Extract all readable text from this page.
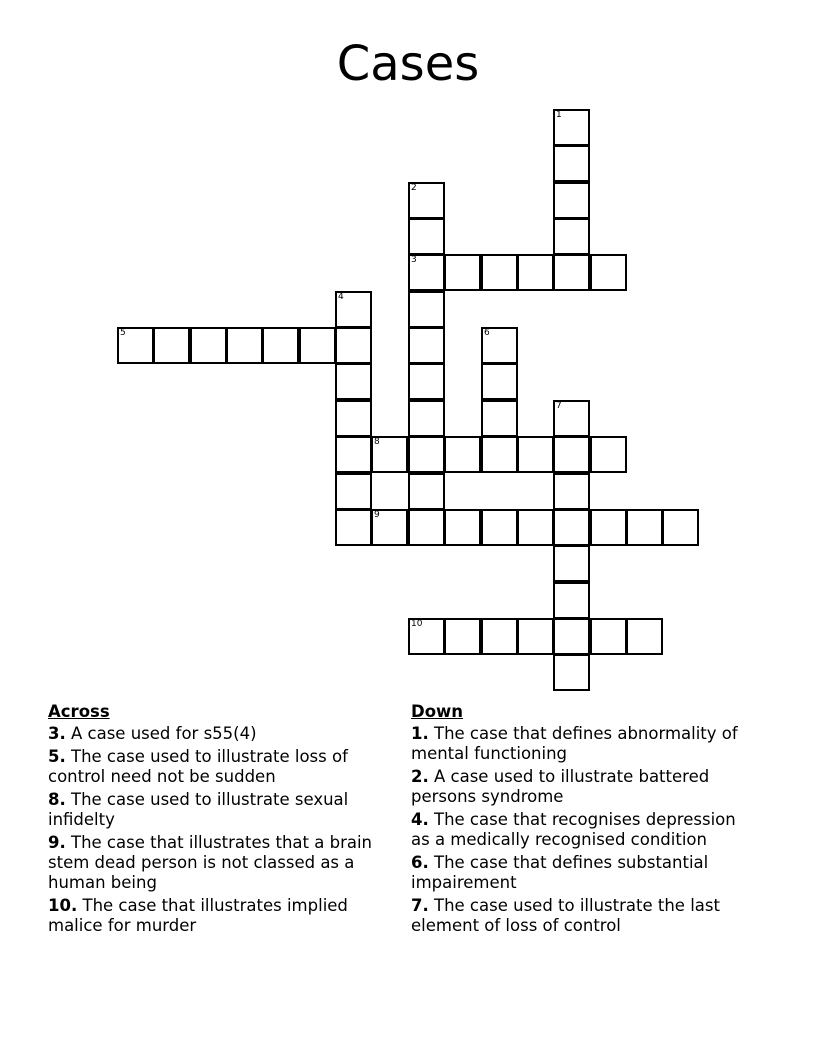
Cases
1
2
3
4
5	6
7
8
9
10
Across
3. A case used for s55(4)
5. The case used to illustrate loss of control need not be sudden
8. The case used to illustrate sexual infidelty
9. The case that illustrates that a brain stem dead person is not classed as a human being
10. The case that illustrates implied malice for murder
Down
1. The case that defines abnormality of mental functioning
2. A case used to illustrate battered persons syndrome
4. The case that recognises depression as a medically recognised condition
6. The case that defines substantial impairement
7. The case used to illustrate the last element of loss of control
